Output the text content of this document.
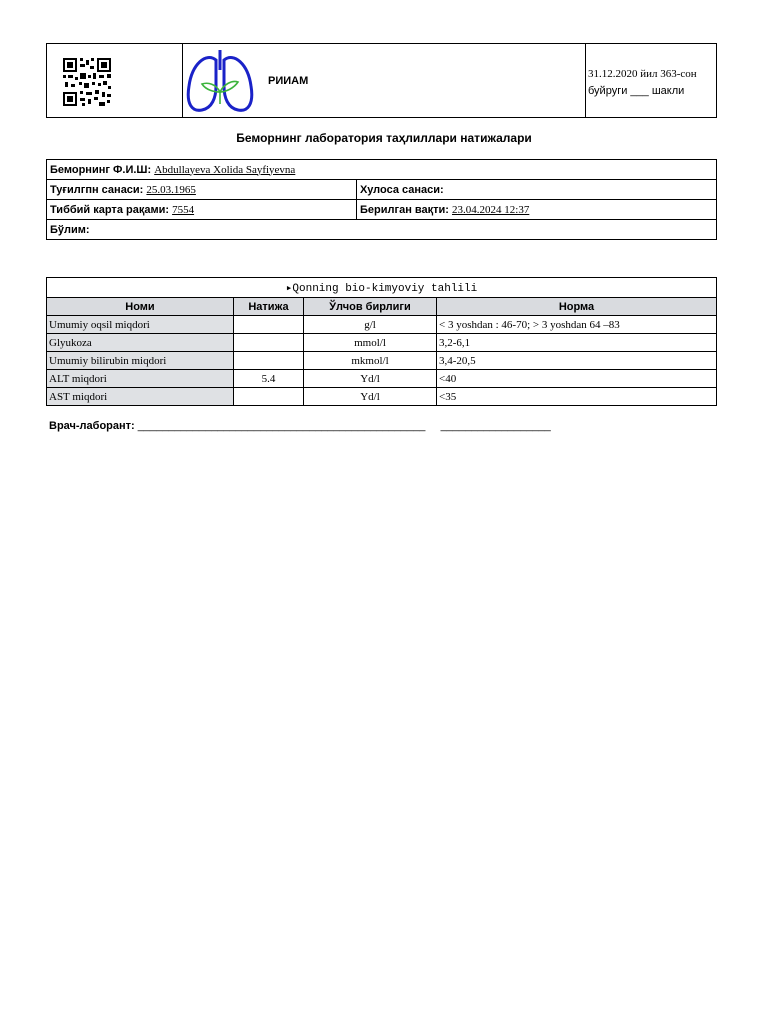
РИИАМ
31.12.2020 йил 363-сон
буйруги ___ шакли
Беморнинг лаборатория таҳлиллари натижалари
Беморнинг Ф.И.Ш: Abdullayeva Xolida Sayfiyevna	
Туғилгпн санаси: 25.03.1965	Хулоса санаси:
Тиббий карта рақами: 7554	Берилган вақти: 23.04.2024 12:37
Бўлим:	
▸Qonning bio-kimyoviy tahlili			
Номи	Натижа	Ўлчов бирлиги	Норма
Umumiy oqsil miqdori		g/l	< 3 yoshdan : 46-70; > 3 yoshdan 64 –83
Glyukoza		mmol/l	3,2-6,1
Umumiy bilirubin miqdori		mkmol/l	3,4-20,5
ALT miqdori	5.4	Yd/l	<40
AST miqdori		Yd/l	<35
Врач-лаборант: _______________________________________________     __________________
